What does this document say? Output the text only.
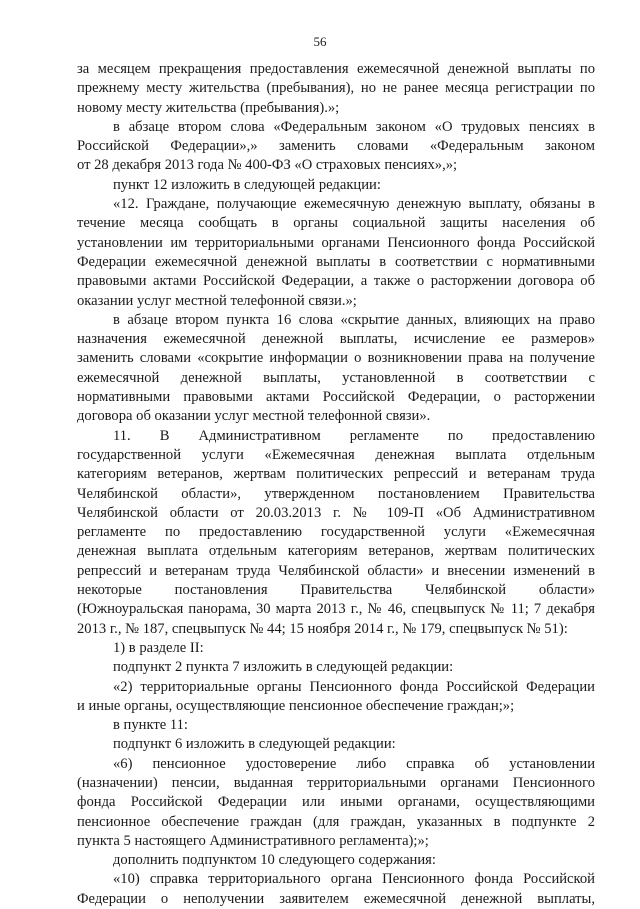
56
за месяцем прекращения предоставления ежемесячной денежной выплаты по
прежнему месту жительства (пребывания), но не ранее месяца регистрации по
новому месту жительства (пребывания).»;
в абзаце втором слова «Федеральным законом «О трудовых пенсиях в
Российской Федерации»,» заменить словами «Федеральным законом
от 28 декабря 2013 года № 400-ФЗ «О страховых пенсиях»,»;
пункт 12 изложить в следующей редакции:
«12. Граждане, получающие ежемесячную денежную выплату, обязаны в
течение месяца сообщать в органы социальной защиты населения об
установлении им территориальными органами Пенсионного фонда Российской
Федерации ежемесячной денежной выплаты в соответствии с нормативными
правовыми актами Российской Федерации, а также о расторжении договора об
оказании услуг местной телефонной связи.»;
в абзаце втором пункта 16 слова «скрытие данных, влияющих на право
назначения ежемесячной денежной выплаты, исчисление ее размеров»
заменить словами «сокрытие информации о возникновении права на получение
ежемесячной денежной выплаты, установленной в соответствии с
нормативными правовыми актами Российской Федерации, о расторжении
договора об оказании услуг местной телефонной связи».
11. В Административном регламенте по предоставлению
государственной услуги «Ежемесячная денежная выплата отдельным
категориям ветеранов, жертвам политических репрессий и ветеранам труда
Челябинской области», утвержденном постановлением Правительства
Челябинской области от 20.03.2013 г. № 109-П «Об Административном
регламенте по предоставлению государственной услуги «Ежемесячная
денежная выплата отдельным категориям ветеранов, жертвам политических
репрессий и ветеранам труда Челябинской области» и внесении изменений в
некоторые постановления Правительства Челябинской области»
(Южноуральская панорама, 30 марта 2013 г., № 46, спецвыпуск № 11; 7 декабря
2013 г., № 187, спецвыпуск № 44; 15 ноября 2014 г., № 179, спецвыпуск № 51):
1) в разделе II:
подпункт 2 пункта 7 изложить в следующей редакции:
«2) территориальные органы Пенсионного фонда Российской Федерации
и иные органы, осуществляющие пенсионное обеспечение граждан;»;
в пункте 11:
подпункт 6 изложить в следующей редакции:
«6) пенсионное удостоверение либо справка об установлении
(назначении) пенсии, выданная территориальными органами Пенсионного
фонда Российской Федерации или иными органами, осуществляющими
пенсионное обеспечение граждан (для граждан, указанных в подпункте 2
пункта 5 настоящего Административного регламента);»;
дополнить подпунктом 10 следующего содержания:
«10) справка территориального органа Пенсионного фонда Российской
Федерации о неполучении заявителем ежемесячной денежной выплаты,
